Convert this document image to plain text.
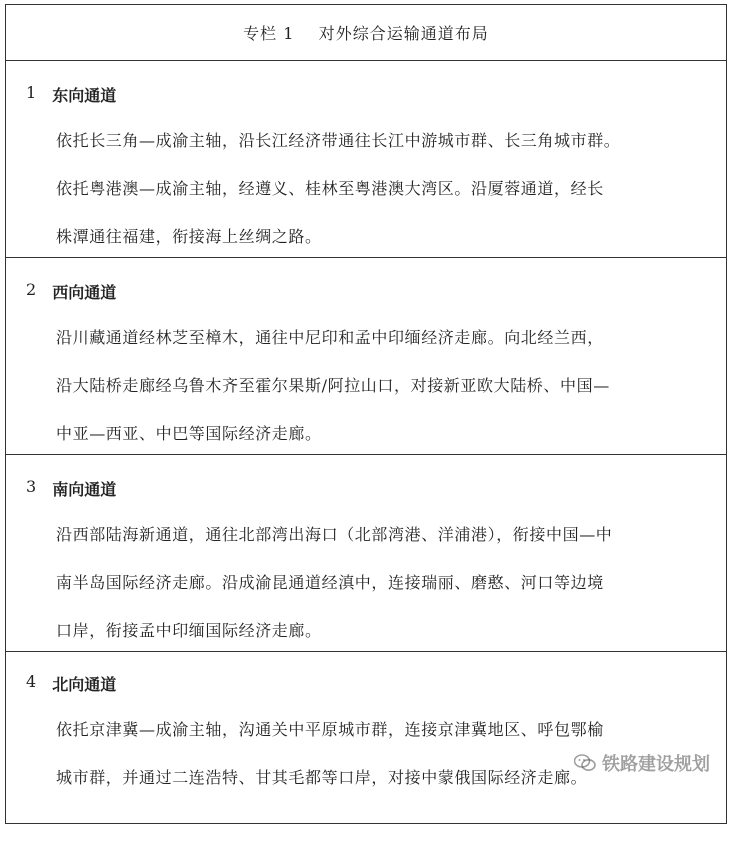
专栏 1
对外综合运输通道布局
1 东向通道
依托长三角—成渝主轴，沿长江经济带通往长江中游城市群、长三角城市群。
依托粤港澳—成渝主轴，经遵义、桂林至粤港澳大湾区。沿厦蓉通道，经长
株潭通往福建，衔接海上丝绸之路。
2 西向通道
沿川藏通道经林芝至樟木，通往中尼印和孟中印缅经济走廊。向北经兰西，
沿大陆桥走廊经乌鲁木齐至霍尔果斯/阿拉山口，对接新亚欧大陆桥、中国—
中亚—西亚、中巴等国际经济走廊。
3 南向通道
沿西部陆海新通道，通往北部湾出海口（北部湾港、洋浦港），衔接中国—中
南半岛国际经济走廊。沿成渝昆通道经滇中，连接瑞丽、磨憨、河口等边境
口岸，衔接孟中印缅国际经济走廊。
4 北向通道
依托京津冀—成渝主轴，沟通关中平原城市群，连接京津冀地区、呼包鄂榆
城市群，并通过二连浩特、甘其毛都等口岸，对接中蒙俄国际经济走廊。
铁路建设规划
